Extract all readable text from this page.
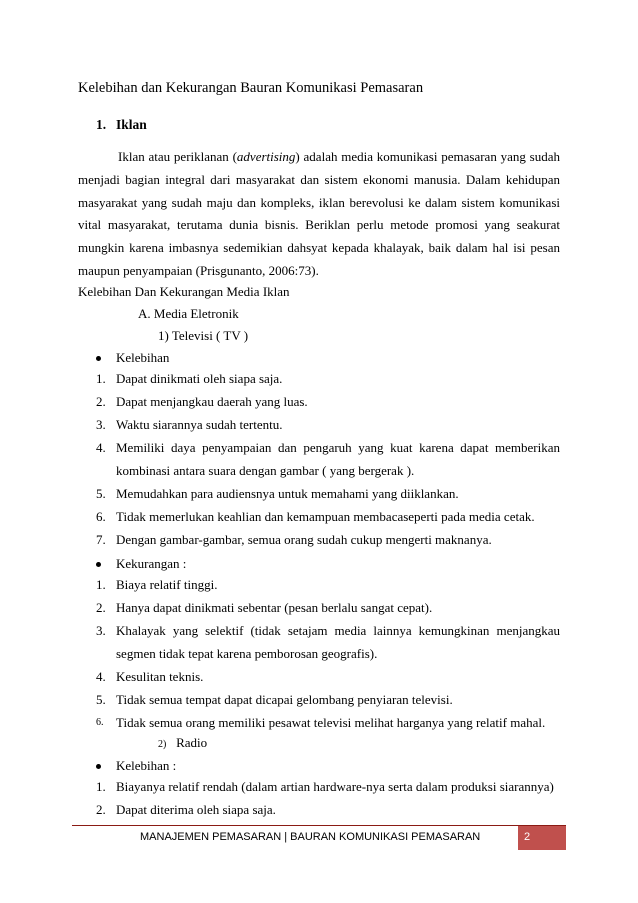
Kelebihan dan Kekurangan Bauran Komunikasi Pemasaran
1. Iklan
Iklan atau periklanan (advertising) adalah media komunikasi pemasaran yang sudah menjadi bagian integral dari masyarakat dan sistem ekonomi manusia. Dalam kehidupan masyarakat yang sudah maju dan kompleks, iklan berevolusi ke dalam sistem komunikasi vital masyarakat, terutama dunia bisnis. Beriklan perlu metode promosi yang seakurat mungkin karena imbasnya sedemikian dahsyat kepada khalayak, baik dalam hal isi pesan maupun penyampaian (Prisgunanto, 2006:73).
Kelebihan Dan Kekurangan Media Iklan
A. Media Eletronik
1) Televisi ( TV )
Kelebihan
1. Dapat dinikmati oleh siapa saja.
2. Dapat menjangkau daerah yang luas.
3. Waktu siarannya sudah tertentu.
4. Memiliki daya penyampaian dan pengaruh yang kuat karena dapat memberikan kombinasi antara suara dengan gambar ( yang bergerak ).
5. Memudahkan para audiensnya untuk memahami yang diiklankan.
6. Tidak memerlukan keahlian dan kemampuan membacaseperti pada media cetak.
7. Dengan gambar-gambar, semua orang sudah cukup mengerti maknanya.
Kekurangan :
1. Biaya relatif tinggi.
2. Hanya dapat dinikmati sebentar (pesan berlalu sangat cepat).
3. Khalayak yang selektif (tidak setajam media lainnya kemungkinan menjangkau segmen tidak tepat karena pemborosan geografis).
4. Kesulitan teknis.
5. Tidak semua tempat dapat dicapai gelombang penyiaran televisi.
6. Tidak semua orang memiliki pesawat televisi melihat harganya yang relatif mahal.
2) Radio
Kelebihan :
1. Biayanya relatif rendah (dalam artian hardware-nya serta dalam produksi siarannya)
2. Dapat diterima oleh siapa saja.
MANAJEMEN PEMASARAN | BAURAN KOMUNIKASI PEMASARAN	2
